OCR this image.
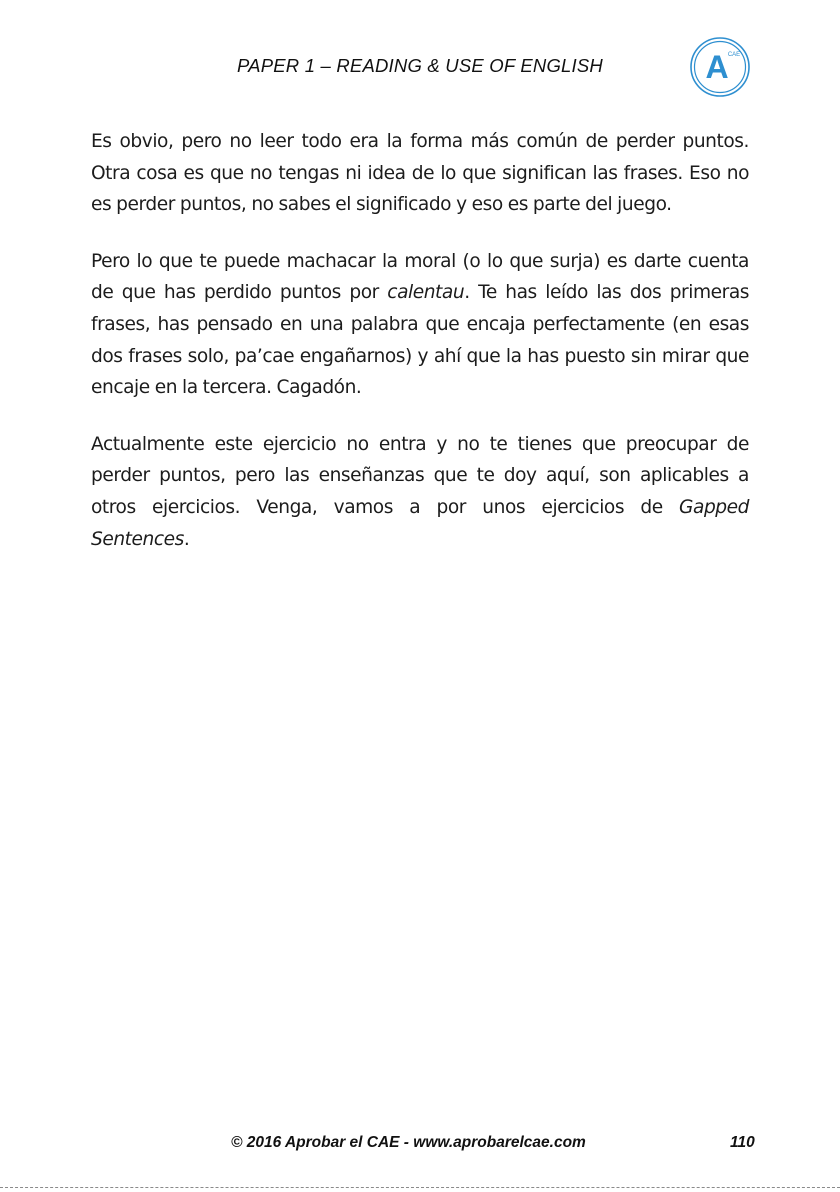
PAPER 1 – READING & USE OF ENGLISH	A CAE

Es obvio, pero no leer todo era la forma más común de perder puntos. Otra cosa es que no tengas ni idea de lo que significan las frases. Eso no es perder puntos, no sabes el significado y eso es parte del juego.

Pero lo que te puede machacar la moral (o lo que surja) es darte cuenta de que has perdido puntos por calentau. Te has leído las dos primeras frases, has pensado en una palabra que encaja perfectamente (en esas dos frases solo, pa’cae engañarnos) y ahí que la has puesto sin mirar que encaje en la tercera. Cagadón.

Actualmente este ejercicio no entra y no te tienes que preocupar de perder puntos, pero las enseñanzas que te doy aquí, son aplicables a otros ejercicios. Venga, vamos a por unos ejercicios de Gapped Sentences.

© 2016 Aprobar el CAE - www.aprobarelcae.com	110
